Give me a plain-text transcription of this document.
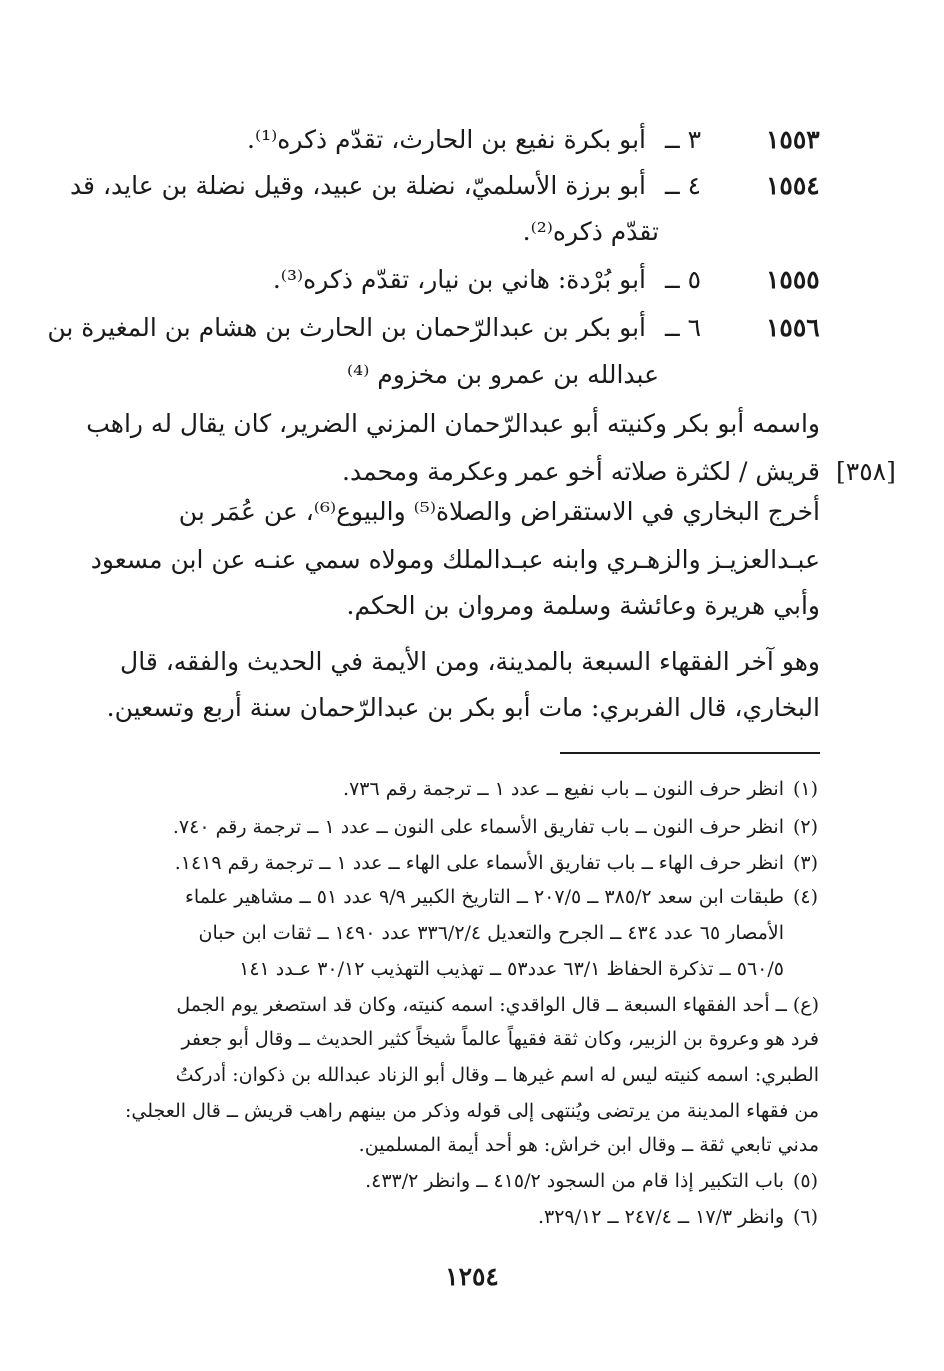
١٥٥٣
٣ ــ
أبو بكرة نفيع بن الحارث، تقدّم ذكره⁽¹⁾.
١٥٥٤
٤ ــ
أبو برزة الأسلميّ، نضلة بن عبيد، وقيل نضلة بن عايد، قد
تقدّم ذكره⁽²⁾.
١٥٥٥
٥ ــ
أبو بُرْدة: هاني بن نيار، تقدّم ذكره⁽³⁾.
١٥٥٦
٦ ــ
أبو بكر بن عبدالرّحمان بن الحارث بن هشام بن المغيرة بن
عبدالله بن عمرو بن مخزوم ⁽⁴⁾
واسمه أبو بكر وكنيته أبو عبدالرّحمان المزني الضرير، كان يقال له راهب
[٣٥٨]
قريش / لكثرة صلاته أخو عمر وعكرمة ومحمد.
أخرج البخاري في الاستقراض والصلاة⁽⁵⁾ والبيوع⁽⁶⁾، عن عُمَر بن
عبـدالعزيـز والزهـري وابنه عبـدالملك ومولاه سمي عنـه عن ابن مسعود
وأبي هريرة وعائشة وسلمة ومروان بن الحكم.
وهو آخر الفقهاء السبعة بالمدينة، ومن الأيمة في الحديث والفقه، قال
البخاري، قال الفربري: مات أبو بكر بن عبدالرّحمان سنة أربع وتسعين.
(١)
انظر حرف النون ــ باب نفيع ــ عدد ١ ــ ترجمة رقم ٧٣٦.
(٢)
انظر حرف النون ــ باب تفاريق الأسماء على النون ــ عدد ١ ــ ترجمة رقم ٧٤٠.
(٣)
انظر حرف الهاء ــ باب تفاريق الأسماء على الهاء ــ عدد ١ ــ ترجمة رقم ١٤١٩.
(٤)
طبقات ابن سعد ٣٨٥/٢ ــ ٢٠٧/٥ ــ التاريخ الكبير ٩/٩ عدد ٥١ ــ مشاهير علماء
الأمصار ٦٥ عدد ٤٣٤ ــ الجرح والتعديل ٣٣٦/٢/٤ عدد ١٤٩٠ ــ ثقات ابن حبان
٥٦٠/٥ ــ تذكرة الحفاظ ٦٣/١ عدد٥٣ ــ تهذيب التهذيب ٣٠/١٢ عـدد ١٤١
(ع) ــ أحد الفقهاء السبعة ــ قال الواقدي: اسمه كنيته، وكان قد استصغر يوم الجمل
فرد هو وعروة بن الزبير، وكان ثقة فقيهاً عالماً شيخاً كثير الحديث ــ وقال أبو جعفر
الطبري: اسمه كنيته ليس له اسم غيرها ــ وقال أبو الزناد عبدالله بن ذكوان: أدركتُ
من فقهاء المدينة من يرتضى ويُنتهى إلى قوله وذكر من بينهم راهب قريش ــ قال العجلي:
مدني تابعي ثقة ــ وقال ابن خراش: هو أحد أيمة المسلمين.
(٥)
باب التكبير إذا قام من السجود ٤١٥/٢ ــ وانظر ٤٣٣/٢.
(٦)
وانظر ١٧/٣ ــ ٢٤٧/٤ ــ ٣٢٩/١٢.
١٢٥٤
